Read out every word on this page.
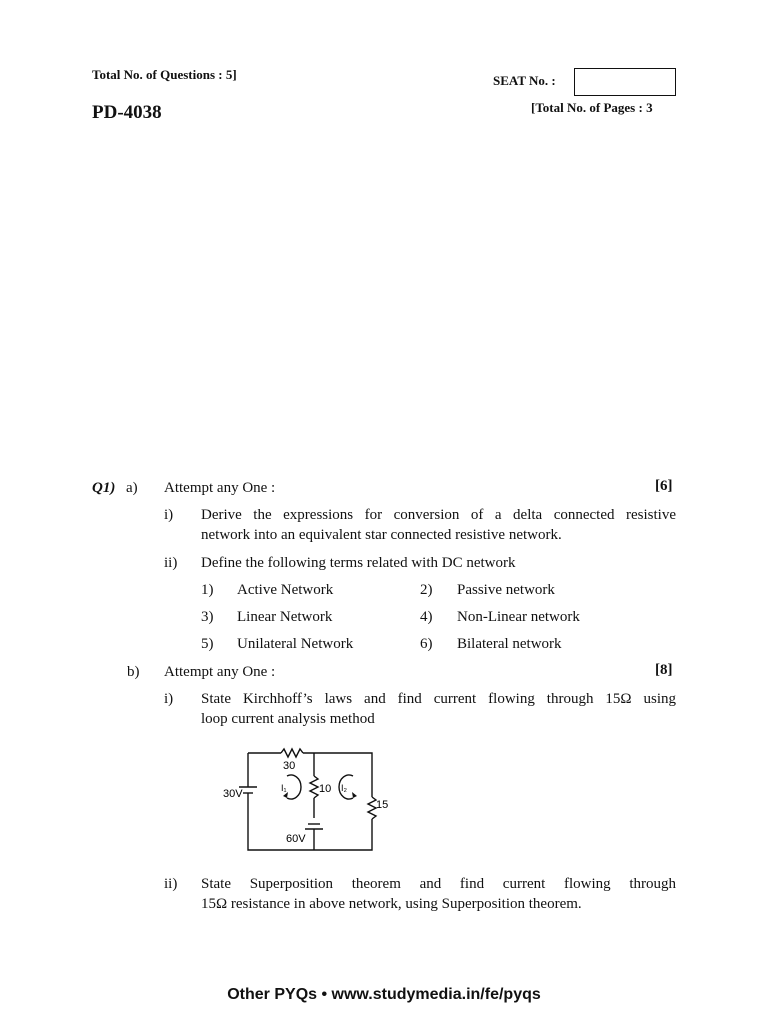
Total No. of Questions : 5]	SEAT No. :
PD-4038	[Total No. of Pages : 3
Q1) a) Attempt any One :	[6]
i) Derive the expressions for conversion of a delta connected resistive
network into an equivalent star connected resistive network.
ii) Define the following terms related with DC network
1) Active Network	2) Passive network
3) Linear Network	4) Non-Linear network
5) Unilateral Network	6) Bilateral network
b) Attempt any One :	[8]
i) State Kirchhoff’s laws and find current flowing through 15Ω using
loop current analysis method
30
10
15
30V
60V
I₁	I₂
ii) State Superposition theorem and find current flowing through
15Ω resistance in above network, using Superposition theorem.
Other PYQs • www.studymedia.in/fe/pyqs
